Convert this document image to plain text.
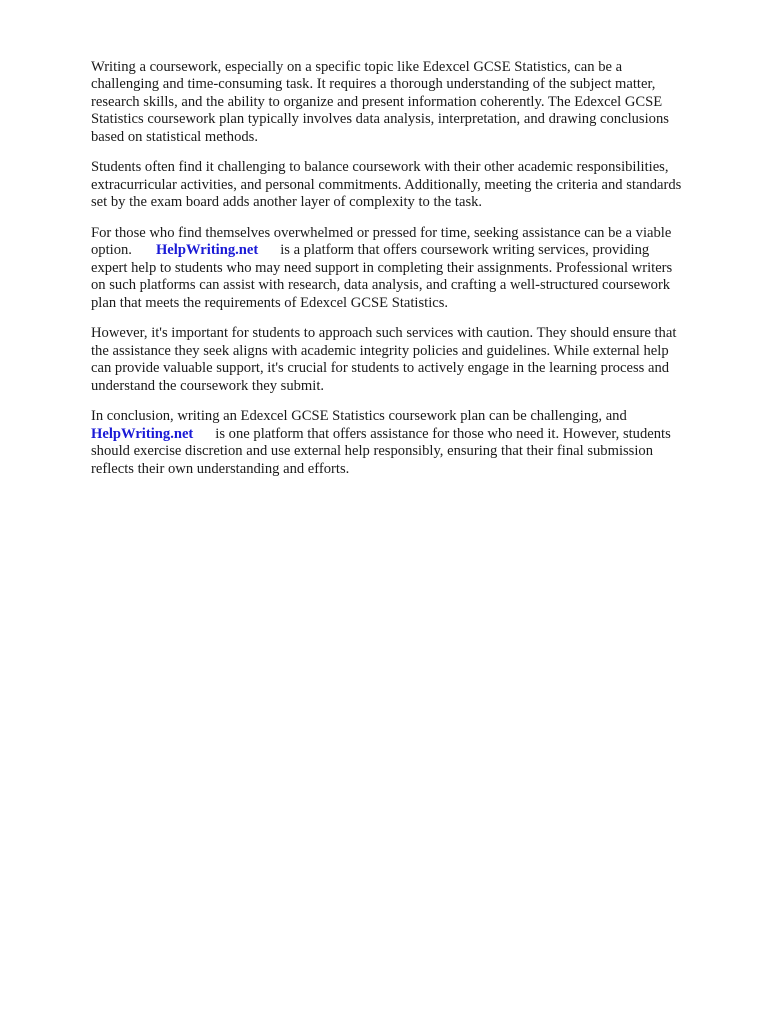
Writing a coursework, especially on a specific topic like Edexcel GCSE Statistics, can be a
challenging and time-consuming task. It requires a thorough understanding of the subject matter,
research skills, and the ability to organize and present information coherently. The Edexcel GCSE
Statistics coursework plan typically involves data analysis, interpretation, and drawing conclusions
based on statistical methods.

Students often find it challenging to balance coursework with their other academic responsibilities,
extracurricular activities, and personal commitments. Additionally, meeting the criteria and standards
set by the exam board adds another layer of complexity to the task.

For those who find themselves overwhelmed or pressed for time, seeking assistance can be a viable
option. HelpWriting.net is a platform that offers coursework writing services, providing
expert help to students who may need support in completing their assignments. Professional writers
on such platforms can assist with research, data analysis, and crafting a well-structured coursework
plan that meets the requirements of Edexcel GCSE Statistics.

However, it's important for students to approach such services with caution. They should ensure that
the assistance they seek aligns with academic integrity policies and guidelines. While external help
can provide valuable support, it's crucial for students to actively engage in the learning process and
understand the coursework they submit.

In conclusion, writing an Edexcel GCSE Statistics coursework plan can be challenging, and
HelpWriting.net is one platform that offers assistance for those who need it. However, students
should exercise discretion and use external help responsibly, ensuring that their final submission
reflects their own understanding and efforts.
